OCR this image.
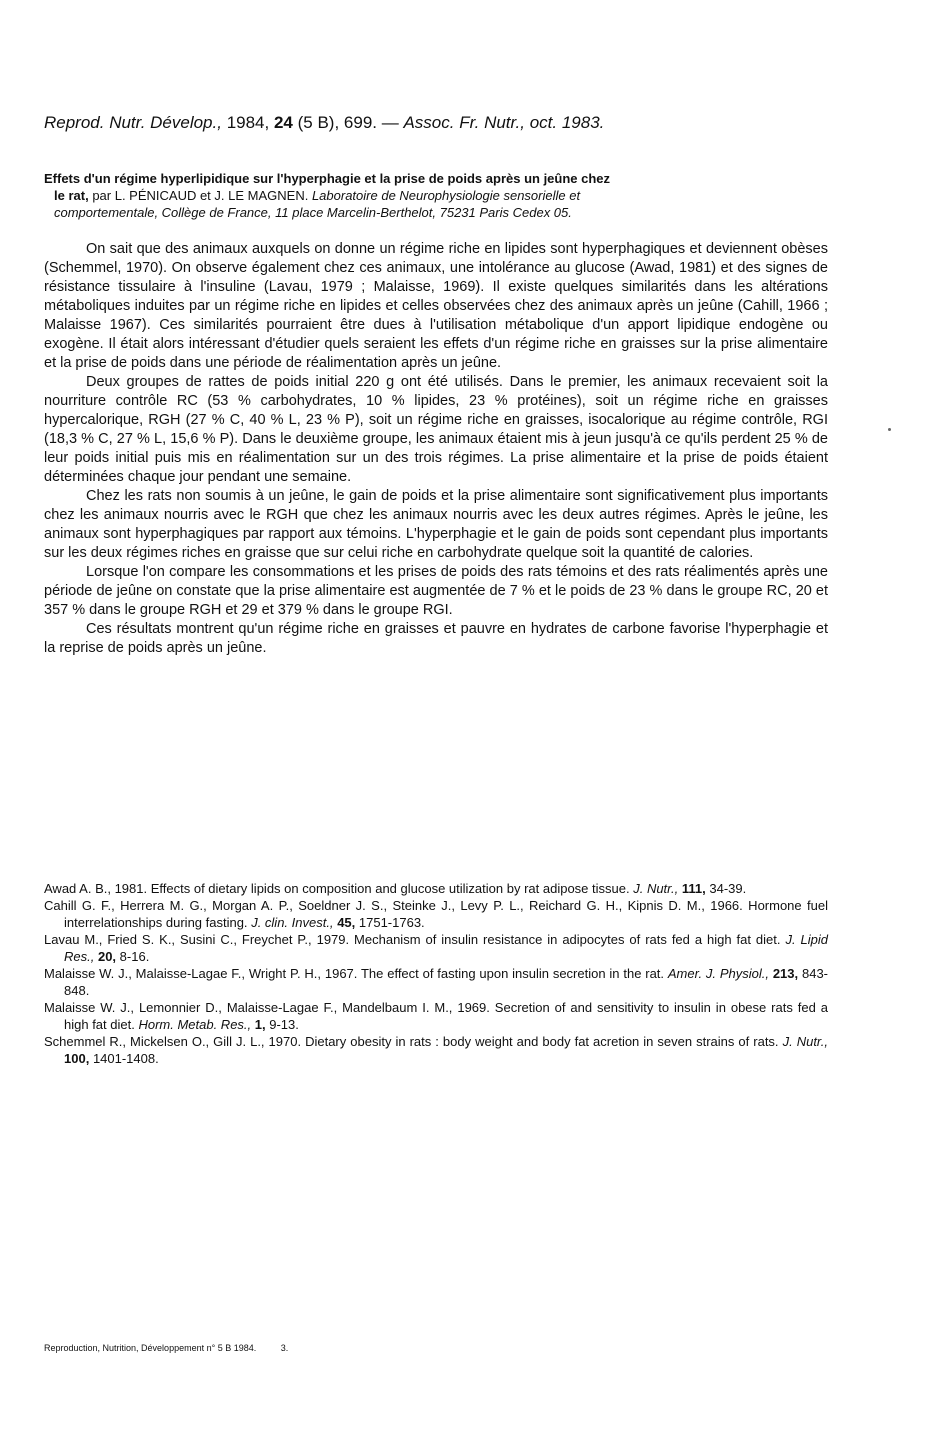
Reprod. Nutr. Dévelop., 1984, 24 (5 B), 699. — Assoc. Fr. Nutr., oct. 1983.
Effets d'un régime hyperlipidique sur l'hyperphagie et la prise de poids après un jeûne chez
le rat, par L. PÉNICAUD et J. LE MAGNEN. Laboratoire de Neurophysiologie sensorielle et
comportementale, Collège de France, 11 place Marcelin-Berthelot, 75231 Paris Cedex 05.

On sait que des animaux auxquels on donne un régime riche en lipides sont hyperphagiques et deviennent obèses (Schemmel, 1970). On observe également chez ces animaux, une intolérance au glucose (Awad, 1981) et des signes de résistance tissulaire à l'insuline (Lavau, 1979 ; Malaisse, 1969). Il existe quelques similarités dans les altérations métaboliques induites par un régime riche en lipides et celles observées chez des animaux après un jeûne (Cahill, 1966 ; Malaisse 1967). Ces similarités pourraient être dues à l'utilisation métabolique d'un apport lipidique endogène ou exogène. Il était alors intéressant d'étudier quels seraient les effets d'un régime riche en graisses sur la prise alimentaire et la prise de poids dans une période de réalimentation après un jeûne.

Deux groupes de rattes de poids initial 220 g ont été utilisés. Dans le premier, les animaux recevaient soit la nourriture contrôle RC (53 % carbohydrates, 10 % lipides, 23 % protéines), soit un régime riche en graisses hypercalorique, RGH (27 % C, 40 % L, 23 % P), soit un régime riche en graisses, isocalorique au régime contrôle, RGI (18,3 % C, 27 % L, 15,6 % P). Dans le deuxième groupe, les animaux étaient mis à jeun jusqu'à ce qu'ils perdent 25 % de leur poids initial puis mis en réalimentation sur un des trois régimes. La prise alimentaire et la prise de poids étaient déterminées chaque jour pendant une semaine.

Chez les rats non soumis à un jeûne, le gain de poids et la prise alimentaire sont significativement plus importants chez les animaux nourris avec le RGH que chez les animaux nourris avec les deux autres régimes. Après le jeûne, les animaux sont hyperphagiques par rapport aux témoins. L'hyperphagie et le gain de poids sont cependant plus importants sur les deux régimes riches en graisse que sur celui riche en carbohydrate quelque soit la quantité de calories.

Lorsque l'on compare les consommations et les prises de poids des rats témoins et des rats réalimentés après une période de jeûne on constate que la prise alimentaire est augmentée de 7 % et le poids de 23 % dans le groupe RC, 20 et 357 % dans le groupe RGH et 29 et 379 % dans le groupe RGI.

Ces résultats montrent qu'un régime riche en graisses et pauvre en hydrates de carbone favorise l'hyperphagie et la reprise de poids après un jeûne.

Awad A. B., 1981. Effects of dietary lipids on composition and glucose utilization by rat adipose tissue. J. Nutr., 111, 34-39.
Cahill G. F., Herrera M. G., Morgan A. P., Soeldner J. S., Steinke J., Levy P. L., Reichard G. H., Kipnis D. M., 1966. Hormone fuel interrelationships during fasting. J. clin. Invest., 45, 1751-1763.
Lavau M., Fried S. K., Susini C., Freychet P., 1979. Mechanism of insulin resistance in adipocytes of rats fed a high fat diet. J. Lipid Res., 20, 8-16.
Malaisse W. J., Malaisse-Lagae F., Wright P. H., 1967. The effect of fasting upon insulin secretion in the rat. Amer. J. Physiol., 213, 843-848.
Malaisse W. J., Lemonnier D., Malaisse-Lagae F., Mandelbaum I. M., 1969. Secretion of and sensitivity to insulin in obese rats fed a high fat diet. Horm. Metab. Res., 1, 9-13.
Schemmel R., Mickelsen O., Gill J. L., 1970. Dietary obesity in rats : body weight and body fat acretion in seven strains of rats. J. Nutr., 100, 1401-1408.
Reproduction, Nutrition, Développement n° 5 B 1984.	3.
